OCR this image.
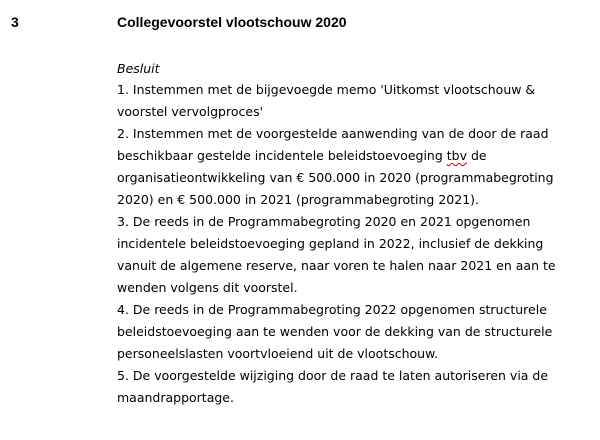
3	Collegevoorstel vlootschouw 2020
Besluit
1. Instemmen met de bijgevoegde memo 'Uitkomst vlootschouw &
voorstel vervolgproces'
2. Instemmen met de voorgestelde aanwending van de door de raad
beschikbaar gestelde incidentele beleidstoevoeging tbv de
organisatieontwikkeling van € 500.000 in 2020 (programmabegroting
2020) en € 500.000 in 2021 (programmabegroting 2021).
3. De reeds in de Programmabegroting 2020 en 2021 opgenomen
incidentele beleidstoevoeging gepland in 2022, inclusief de dekking
vanuit de algemene reserve, naar voren te halen naar 2021 en aan te
wenden volgens dit voorstel.
4. De reeds in de Programmabegroting 2022 opgenomen structurele
beleidstoevoeging aan te wenden voor de dekking van de structurele
personeelslasten voortvloeiend uit de vlootschouw.
5. De voorgestelde wijziging door de raad te laten autoriseren via de
maandrapportage.
